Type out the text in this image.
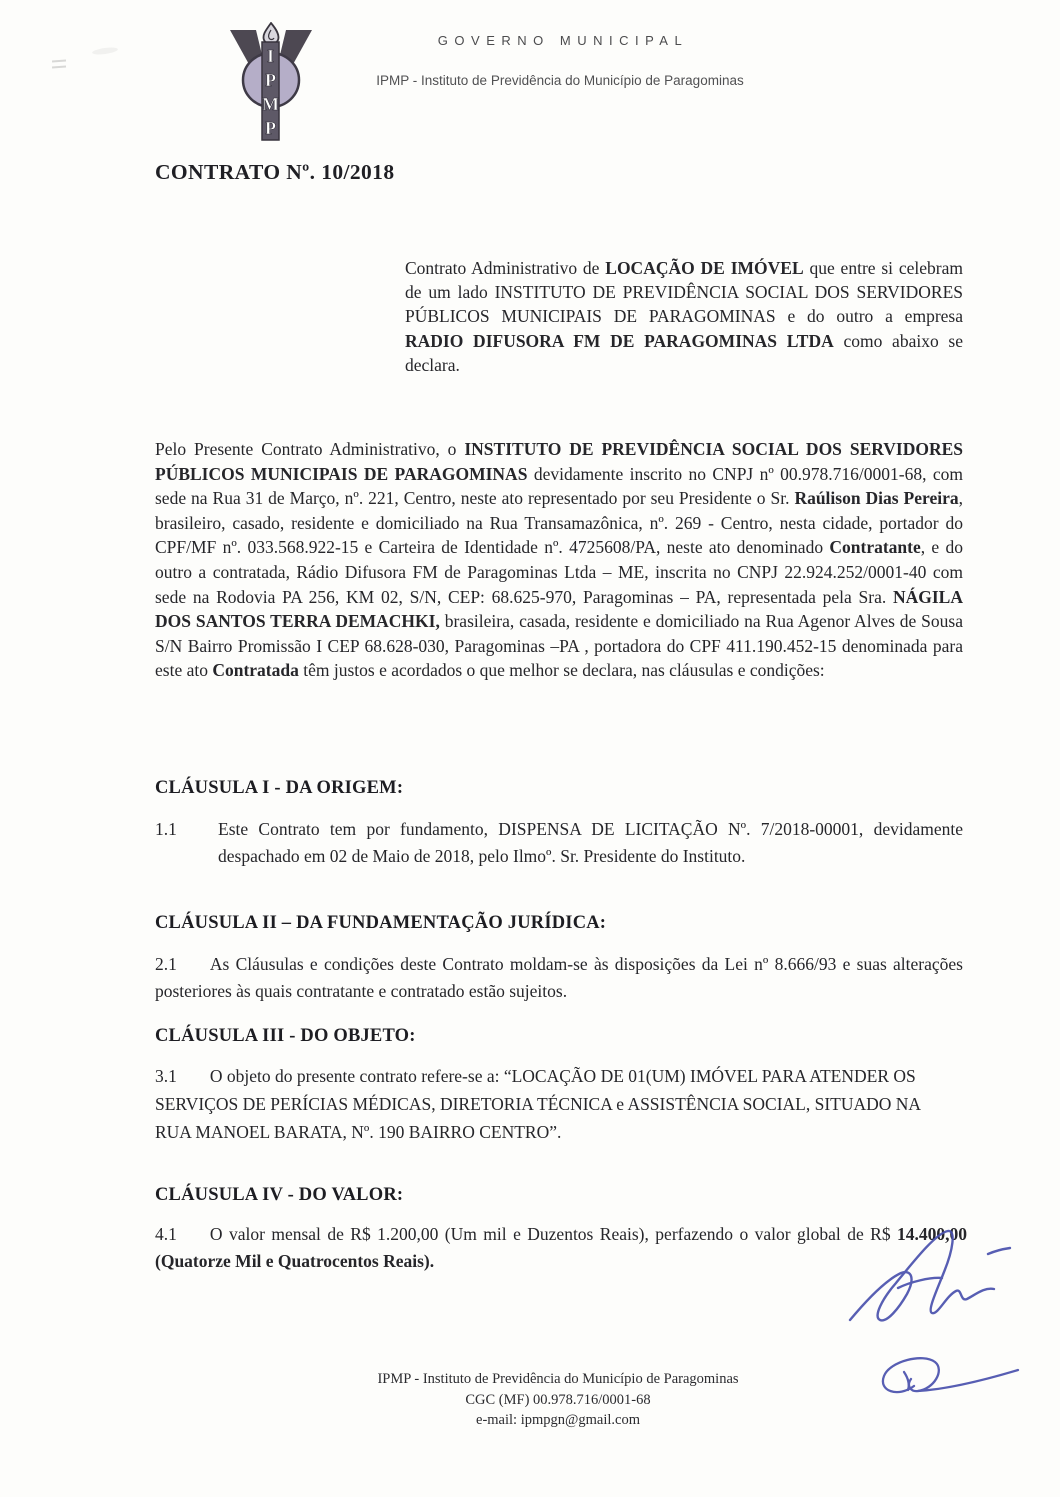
I
P
M
P
GOVERNO MUNICIPAL
IPMP - Instituto de Previdência do Município de Paragominas
CONTRATO Nº. 10/2018
Contrato Administrativo de LOCAÇÃO DE IMÓVEL que entre si celebram de um lado INSTITUTO DE PREVIDÊNCIA SOCIAL DOS SERVIDORES PÚBLICOS MUNICIPAIS DE PARAGOMINAS e do outro a empresa RADIO DIFUSORA FM DE PARAGOMINAS LTDA como abaixo se declara.
Pelo Presente Contrato Administrativo, o INSTITUTO DE PREVIDÊNCIA SOCIAL DOS SERVIDORES PÚBLICOS MUNICIPAIS DE PARAGOMINAS devidamente inscrito no CNPJ nº 00.978.716/0001-68, com sede na Rua 31 de Março, nº. 221, Centro, neste ato representado por seu Presidente o Sr. Raúlison Dias Pereira, brasileiro, casado, residente e domiciliado na Rua Transamazônica, nº. 269 - Centro, nesta cidade, portador do CPF/MF nº. 033.568.922-15 e Carteira de Identidade nº. 4725608/PA, neste ato denominado Contratante, e do outro a contratada, Rádio Difusora FM de Paragominas Ltda – ME, inscrita no CNPJ 22.924.252/0001-40 com sede na Rodovia PA 256, KM 02, S/N, CEP: 68.625-970, Paragominas – PA, representada pela Sra. NÁGILA DOS SANTOS TERRA DEMACHKI, brasileira, casada, residente e domiciliado na Rua Agenor Alves de Sousa S/N Bairro Promissão I CEP 68.628-030, Paragominas –PA , portadora do CPF 411.190.452-15 denominada para este ato Contratada têm justos e acordados o que melhor se declara, nas cláusulas e condições:
CLÁUSULA I - DA ORIGEM:
1.1	Este Contrato tem por fundamento, DISPENSA DE LICITAÇÃO Nº. 7/2018-00001, devidamente despachado em 02 de Maio de 2018, pelo Ilmoº. Sr. Presidente do Instituto.
CLÁUSULA II – DA FUNDAMENTAÇÃO JURÍDICA:
2.1 As Cláusulas e condições deste Contrato moldam-se às disposições da Lei nº 8.666/93 e suas alterações posteriores às quais contratante e contratado estão sujeitos.
CLÁUSULA III - DO OBJETO:
3.1 O objeto do presente contrato refere-se a: “LOCAÇÃO DE 01(UM) IMÓVEL PARA ATENDER OS SERVIÇOS DE PERÍCIAS MÉDICAS, DIRETORIA TÉCNICA e ASSISTÊNCIA SOCIAL, SITUADO NA RUA MANOEL BARATA, Nº. 190 BAIRRO CENTRO”.
CLÁUSULA IV - DO VALOR:
4.1 O valor mensal de R$ 1.200,00 (Um mil e Duzentos Reais), perfazendo o valor global de R$ 14.400,00 (Quatorze Mil e Quatrocentos Reais).
IPMP - Instituto de Previdência do Município de Paragominas
CGC (MF) 00.978.716/0001-68
e-mail: ipmpgn@gmail.com
